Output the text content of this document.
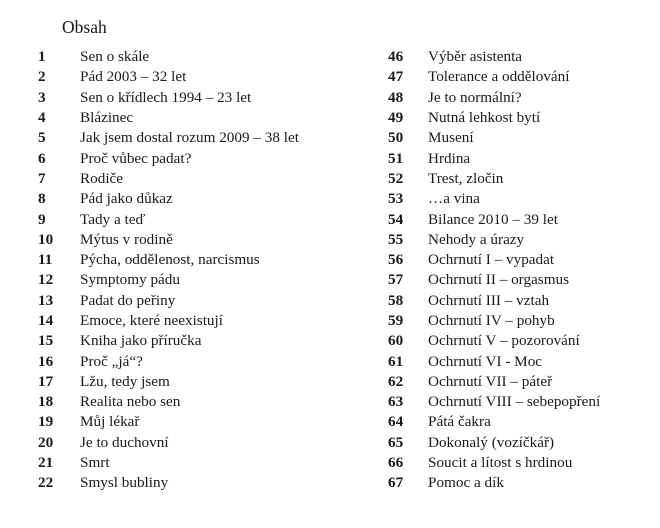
Obsah
1	Sen o skále
2	Pád 2003 – 32 let
3	Sen o křídlech 1994 – 23 let
4	Blázinec
5	Jak jsem dostal rozum 2009 – 38 let
6	Proč vůbec padat?
7	Rodiče
8	Pád jako důkaz
9	Tady a teď
10	Mýtus v rodině
11	Pýcha, oddělenost, narcismus
12	Symptomy pádu
13	Padat do peřiny
14	Emoce, které neexistují
15	Kniha jako příručka
16	Proč „já“?
17	Lžu, tedy jsem
18	Realita nebo sen
19	Můj lékař
20	Je to duchovní
21	Smrt
22	Smysl bubliny
46	Výběr asistenta
47	Tolerance a oddělování
48	Je to normální?
49	Nutná lehkost bytí
50	Musení
51	Hrdina
52	Trest, zločin
53	…a vina
54	Bilance 2010 – 39 let
55	Nehody a úrazy
56	Ochrnutí I – vypadat
57	Ochrnutí II – orgasmus
58	Ochrnutí III – vztah
59	Ochrnutí IV – pohyb
60	Ochrnutí V – pozorování
61	Ochrnutí VI - Moc
62	Ochrnutí VII – páteř
63	Ochrnutí VIII – sebepopření
64	Pátá čakra
65	Dokonalý (vozíčkář)
66	Soucit a lítost s hrdinou
67	Pomoc a dík
